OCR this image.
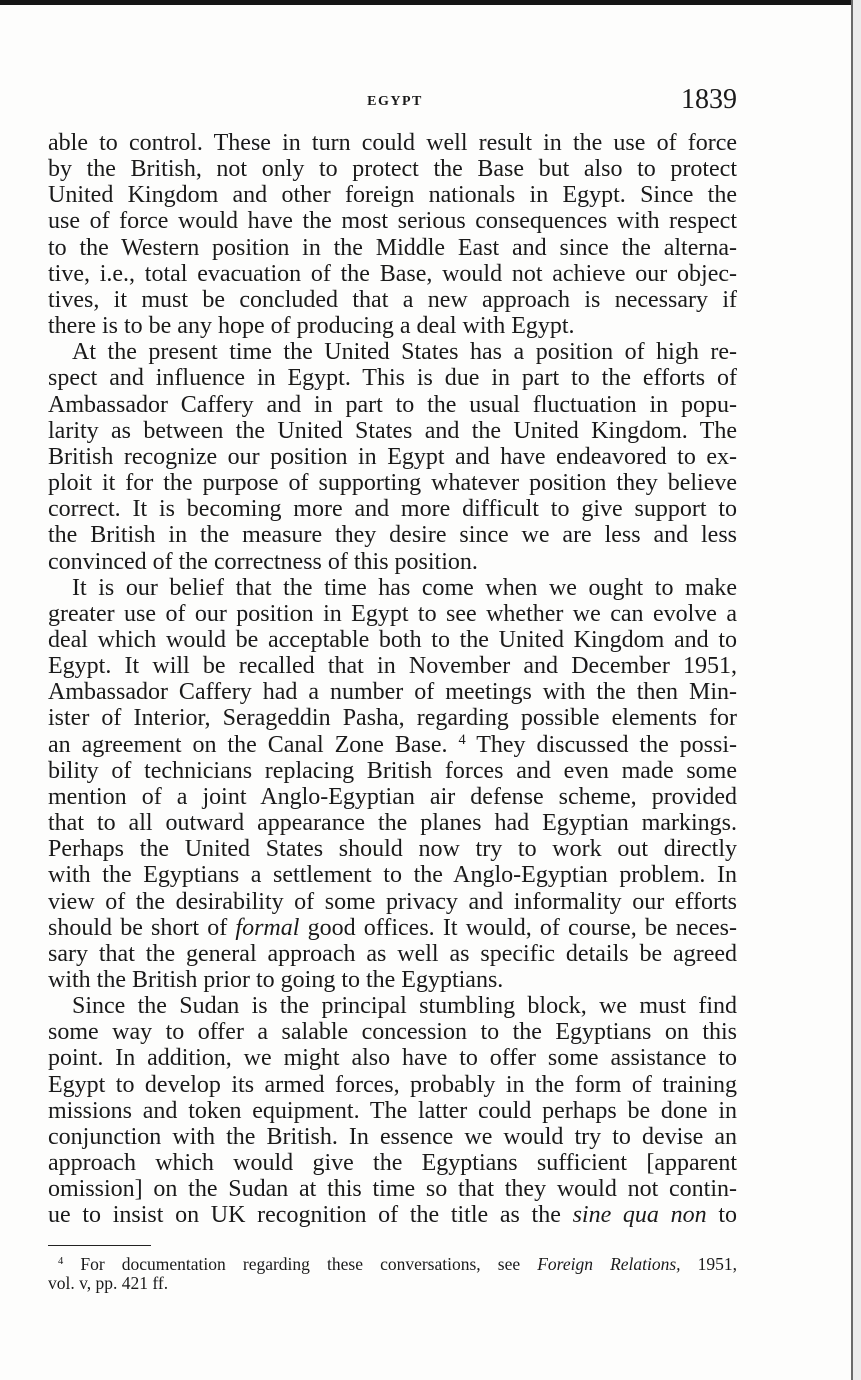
EGYPT	1839
able to control. These in turn could well result in the use of force
by the British, not only to protect the Base but also to protect
United Kingdom and other foreign nationals in Egypt. Since the
use of force would have the most serious consequences with respect
to the Western position in the Middle East and since the alterna-
tive, i.e., total evacuation of the Base, would not achieve our objec-
tives, it must be concluded that a new approach is necessary if
there is to be any hope of producing a deal with Egypt.
At the present time the United States has a position of high re-
spect and influence in Egypt. This is due in part to the efforts of
Ambassador Caffery and in part to the usual fluctuation in popu-
larity as between the United States and the United Kingdom. The
British recognize our position in Egypt and have endeavored to ex-
ploit it for the purpose of supporting whatever position they believe
correct. It is becoming more and more difficult to give support to
the British in the measure they desire since we are less and less
convinced of the correctness of this position.
It is our belief that the time has come when we ought to make
greater use of our position in Egypt to see whether we can evolve a
deal which would be acceptable both to the United Kingdom and to
Egypt. It will be recalled that in November and December 1951,
Ambassador Caffery had a number of meetings with the then Min-
ister of Interior, Serageddin Pasha, regarding possible elements for
an agreement on the Canal Zone Base. $^4$ They discussed the possi-
bility of technicians replacing British forces and even made some
mention of a joint Anglo-Egyptian air defense scheme, provided
that to all outward appearance the planes had Egyptian markings.
Perhaps the United States should now try to work out directly
with the Egyptians a settlement to the Anglo-Egyptian problem. In
view of the desirability of some privacy and informality our efforts
should be short of formal good offices. It would, of course, be neces-
sary that the general approach as well as specific details be agreed
with the British prior to going to the Egyptians.
Since the Sudan is the principal stumbling block, we must find
some way to offer a salable concession to the Egyptians on this
point. In addition, we might also have to offer some assistance to
Egypt to develop its armed forces, probably in the form of training
missions and token equipment. The latter could perhaps be done in
conjunction with the British. In essence we would try to devise an
approach which would give the Egyptians sufficient [apparent
omission] on the Sudan at this time so that they would not contin-
ue to insist on UK recognition of the title as the sine qua non to
$^4$ For documentation regarding these conversations, see Foreign Relations, 1951,
vol. v, pp. 421 ff.
